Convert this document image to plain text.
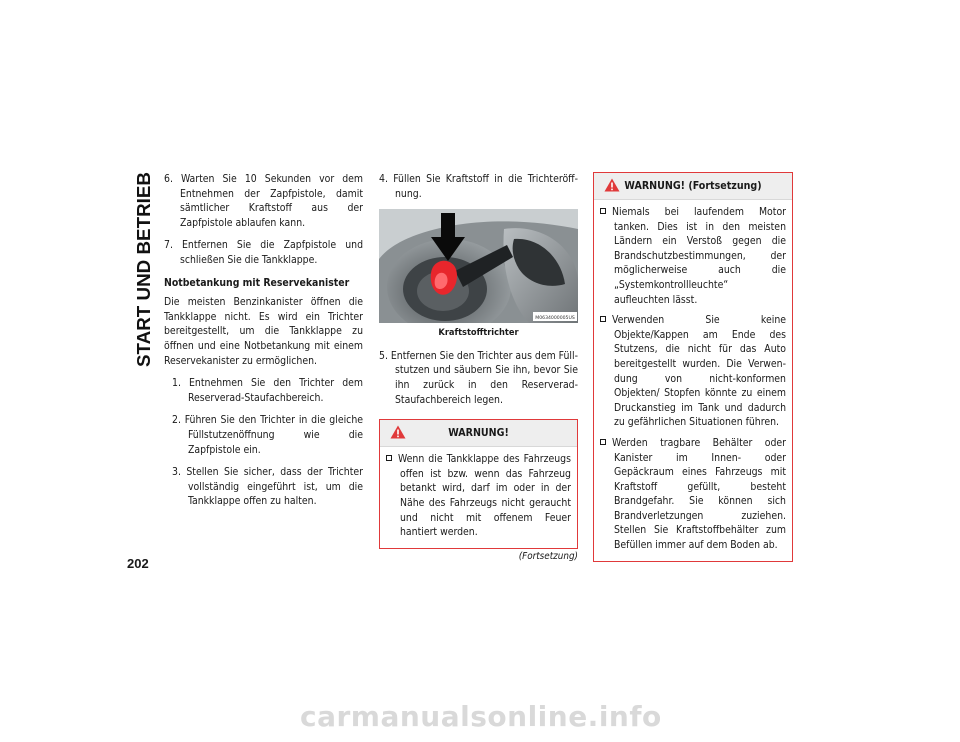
START UND BETRIEB 6. Warten Sie 10 Sekunden vor dem Entnehmen der Zapfpistole, damit sämtlicher Kraftstoff aus der Zapfpistole ablaufen kann.
7. Entfernen Sie die Zapfpistole und schließen Sie die Tankklappe.
Notbetankung mit Reservekanister
Die meisten Benzinkanister öffnen die Tankklappe nicht. Es wird ein Trichter bereitgestellt, um die Tankklappe zu öffnen und eine Notbetankung mit einem Reservekanister zu ermöglichen.
1. Entnehmen Sie den Trichter dem Reserverad-Staufachbereich.
2. Führen Sie den Trichter in die gleiche Füllstutzenöffnung wie die Zapfpistole ein.
3. Stellen Sie sicher, dass der Trichter vollständig eingeführt ist, um die Tankklappe offen zu halten.
4. Füllen Sie Kraftstoff in die Trichteröffnung.
M0634000005US
Kraftstofftrichter
5. Entfernen Sie den Trichter aus dem Füllstutzen und säubern Sie ihn, bevor Sie ihn zurück in den Reserverad-Staufachbereich legen.
WARNUNG!
Wenn die Tankklappe des Fahrzeugs offen ist bzw. wenn das Fahrzeug betankt wird, darf im oder in der Nähe des Fahrzeugs nicht geraucht und nicht mit offenem Feuer hantiert werden.
(Fortsetzung)
WARNUNG! (Fortsetzung)
Niemals bei laufendem Motor tanken. Dies ist in den meisten Ländern ein Verstoß gegen die Brandschutzbestimmungen, der möglicherweise auch die „Systemkontrollleuchte“ aufleuchten lässt.
Verwenden Sie keine Objekte/Kappen am Ende des Stutzens, die nicht für das Auto bereitgestellt wurden. Die Verwendung von nicht-konformen Objekten/ Stopfen könnte zu einem Druckanstieg im Tank und dadurch zu gefährlichen Situationen führen.
Werden tragbare Behälter oder Kanister im Innen- oder Gepäckraum eines Fahrzeugs mit Kraftstoff gefüllt, besteht Brandgefahr. Sie können sich Brandverletzungen zuziehen. Stellen Sie Kraftstoffbehälter zum Befüllen immer auf dem Boden ab.
202
carmanualsonline.info
